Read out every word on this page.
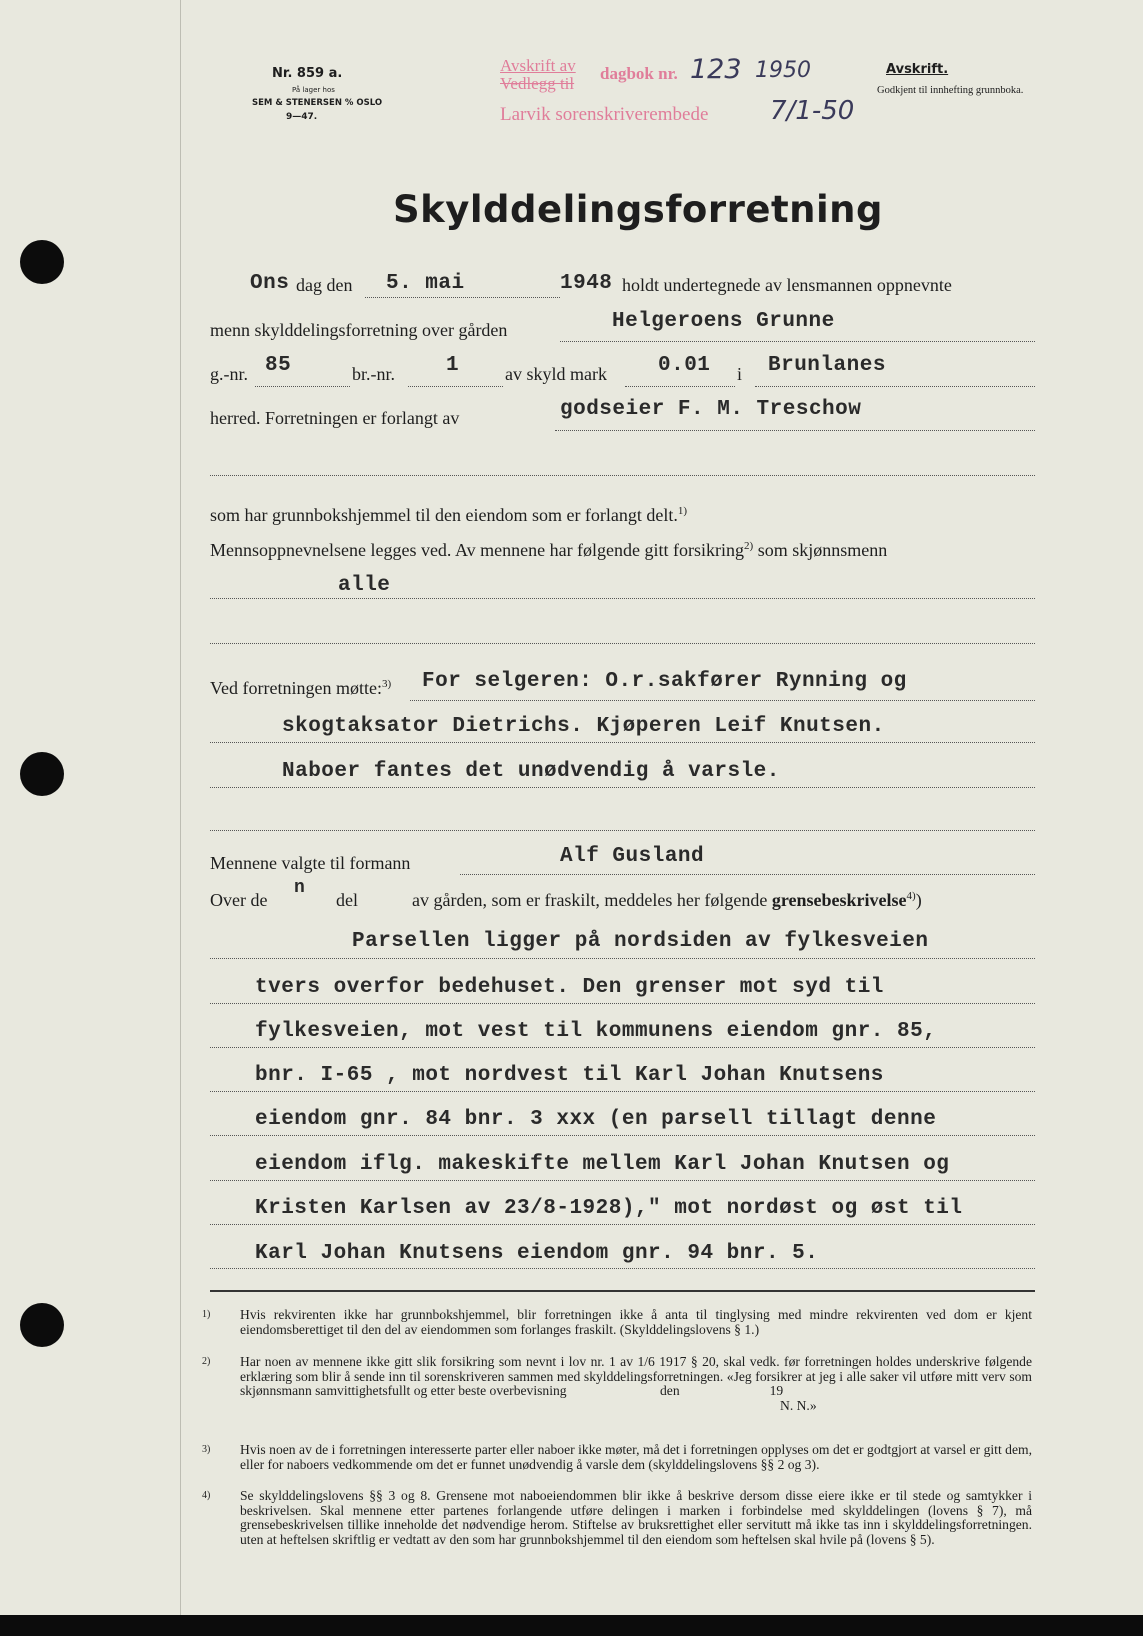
Nr. 859 a.
På lager hos
SEM & STENERSEN % OSLO
9—47.
Avskrift av
Vedlegg til
dagbok nr. 123 1950
Larvik sorenskriverembede 7/1-50
Avskrift.
Godkjent til innhefting grunnboka.
Skylddelingsforretning
Ons dag den 5. mai	1948 holdt undertegnede av lensmannen oppnevnte
menn skylddelingsforretning over gården	Helgeroens Grunne
g.-nr. 85	br.-nr. 1	av skyld mark 0.01 i Brunlanes
herred. Forretningen er forlangt av	godseier F. M. Treschow
som har grunnbokshjemmel til den eiendom som er forlangt delt.$^{1)}$
Mennsoppnevnelsene legges ved. Av mennene har følgende gitt forsikring$^{2)}$ som skjønnsmenn
alle
Ved forretningen møtte:$^{3)}$ For selgeren: O.r.sakfører Rynning og
skogtaksator Dietrichs. Kjøperen Leif Knutsen.
Naboer fantes det unødvendig å varsle.
Mennene valgte til formann	Alf Gusland
Over de
n
del	av gården, som er fraskilt, meddeles her følgende grensebeskrivelse$^{4)}$)
Parsellen ligger på nordsiden av fylkesveien
tvers overfor bedehuset. Den grenser mot syd til
fylkesveien, mot vest til kommunens eiendom gnr. 85,
bnr. I-65 , mot nordvest til Karl Johan Knutsens
eiendom gnr. 84 bnr. 3 xxx (en parsell tillagt denne
eiendom iflg. makeskifte mellem Karl Johan Knutsen og
Kristen Karlsen av 23/8-1928)," mot nordøst og øst til
Karl Johan Knutsens eiendom gnr. 94 bnr. 5.
1) Hvis rekvirenten ikke har grunnbokshjemmel, blir forretningen ikke å anta til tinglysing med mindre rekvirenten ved dom er kjent eiendomsberettiget til den del av eiendommen som forlanges fraskilt. (Skylddelingslovens § 1.)

2) Har noen av mennene ikke gitt slik forsikring som nevnt i lov nr. 1 av 1/6 1917 § 20, skal vedk. før forretningen holdes underskrive følgende erklæring som blir å sende inn til sorenskriveren sammen med skylddelingsforretningen. «Jeg forsikrer at jeg i alle saker vil utføre mitt verv som skjønnsmann samvittighetsfullt og etter beste overbevisning	den	19
N. N.»

3) Hvis noen av de i forretningen interesserte parter eller naboer ikke møter, må det i forretningen opplyses om det er godtgjort at varsel er gitt dem, eller for naboers vedkommende om det er funnet unødvendig å varsle dem (skylddelingslovens §§ 2 og 3).

4) Se skylddelingslovens §§ 3 og 8. Grensene mot naboeiendommen blir ikke å beskrive dersom disse eiere ikke er til stede og samtykker i beskrivelsen. Skal mennene etter partenes forlangende utføre delingen i marken i forbindelse med skylddelingen (lovens § 7), må grensebeskrivelsen tillike inneholde det nødvendige herom. Stiftelse av bruksrettighet eller servitutt må ikke tas inn i skylddelingsforretningen. uten at heftelsen skriftlig er vedtatt av den som har grunnbokshjemmel til den eiendom som heftelsen skal hvile på (lovens § 5).
